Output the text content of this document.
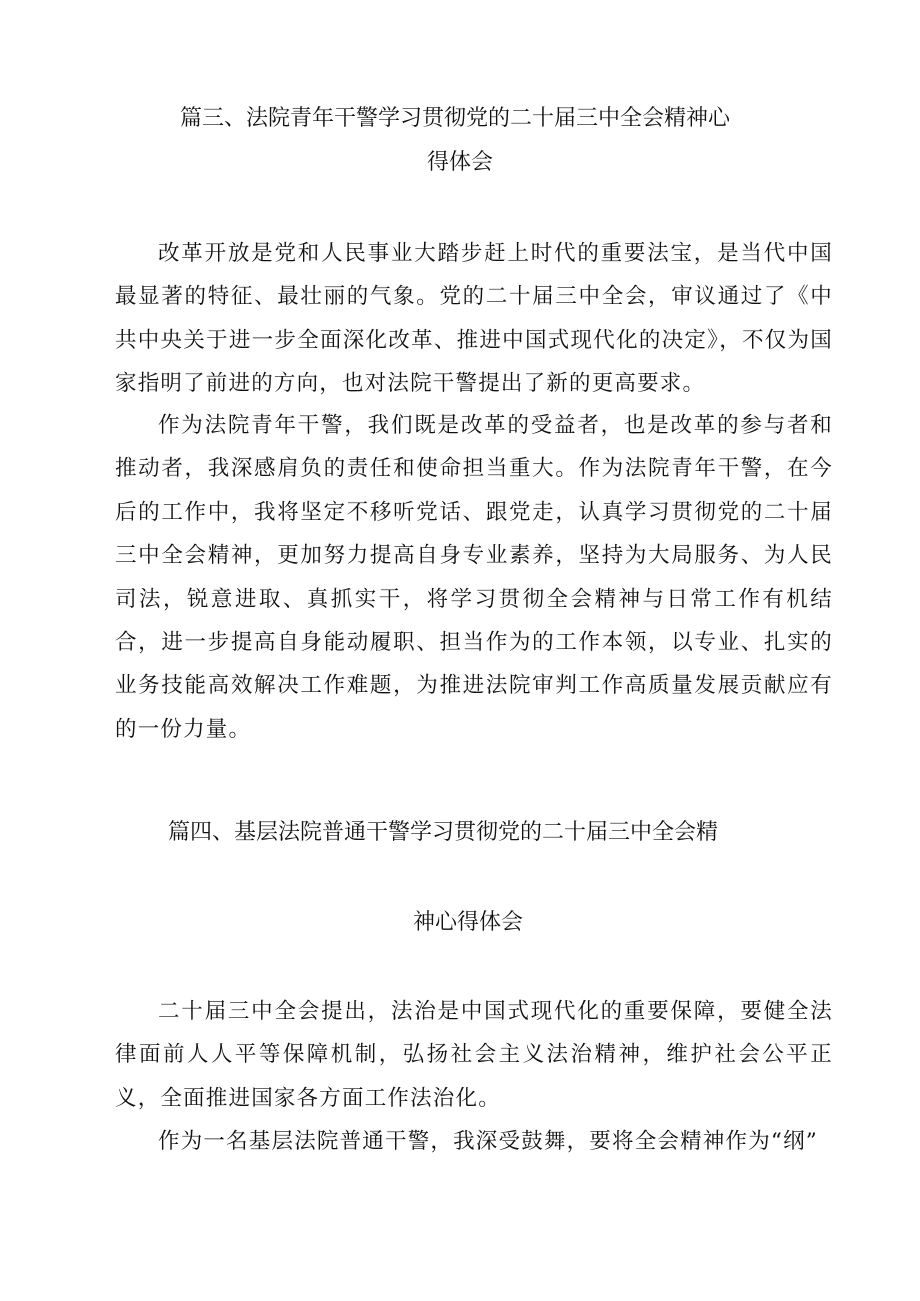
篇三、法院青年干警学习贯彻党的二十届三中全会精神心
得体会

改革开放是党和人民事业大踏步赶上时代的重要法宝，是当代中国最显著的特征、最壮丽的气象。党的二十届三中全会，审议通过了《中共中央关于进一步全面深化改革、推进中国式现代化的决定》，不仅为国家指明了前进的方向，也对法院干警提出了新的更高要求。

作为法院青年干警，我们既是改革的受益者，也是改革的参与者和推动者，我深感肩负的责任和使命担当重大。作为法院青年干警，在今后的工作中，我将坚定不移听党话、跟党走，认真学习贯彻党的二十届三中全会精神，更加努力提高自身专业素养，坚持为大局服务、为人民司法，锐意进取、真抓实干，将学习贯彻全会精神与日常工作有机结合，进一步提高自身能动履职、担当作为的工作本领，以专业、扎实的业务技能高效解决工作难题，为推进法院审判工作高质量发展贡献应有的一份力量。

篇四、基层法院普通干警学习贯彻党的二十届三中全会精
神心得体会

二十届三中全会提出，法治是中国式现代化的重要保障，要健全法律面前人人平等保障机制，弘扬社会主义法治精神，维护社会公平正义，全面推进国家各方面工作法治化。

作为一名基层法院普通干警，我深受鼓舞，要将全会精神作为“纲”
